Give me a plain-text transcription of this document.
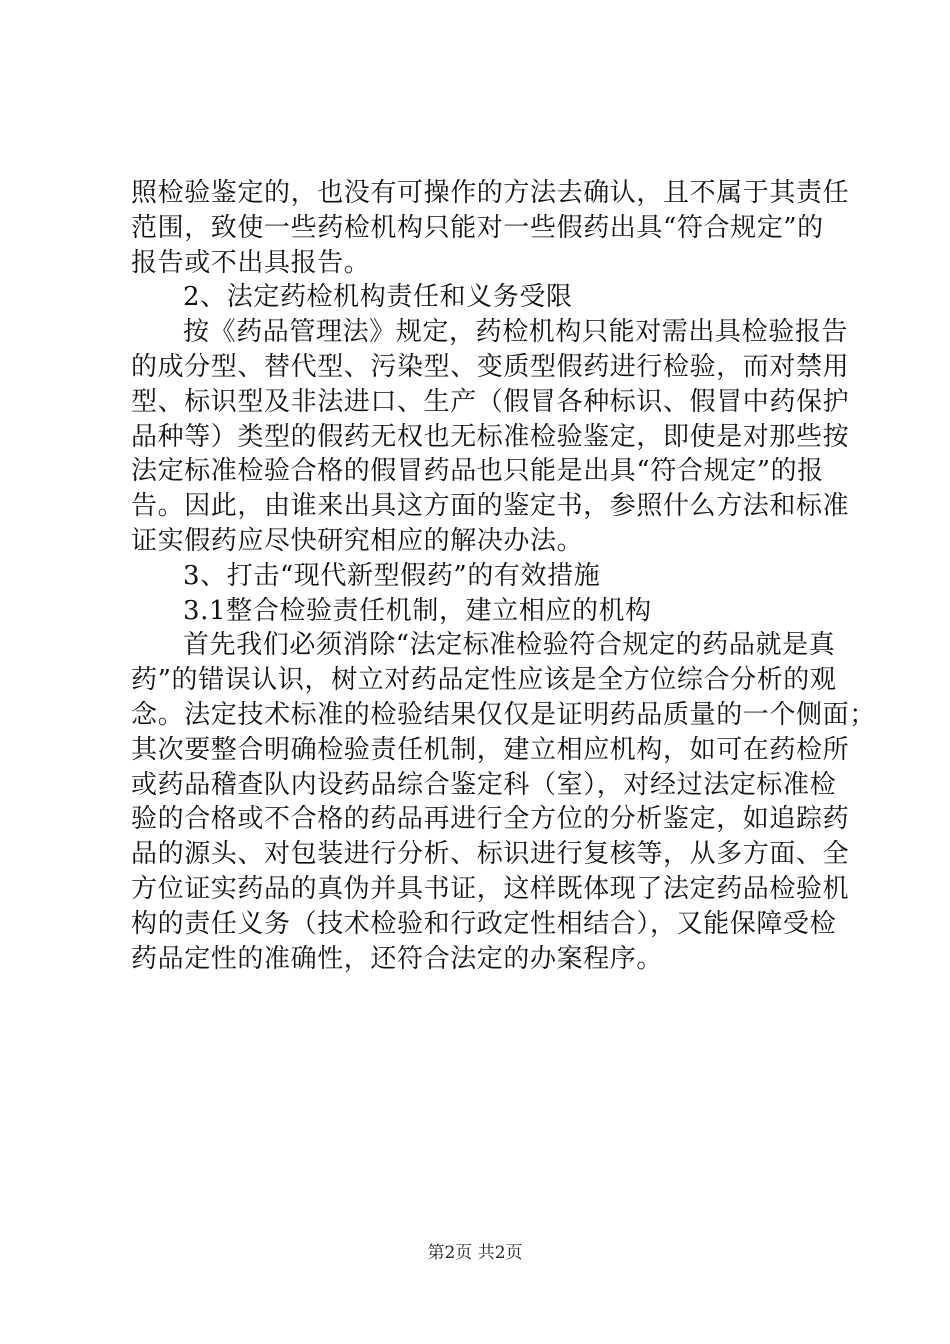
照检验鉴定的，也没有可操作的方法去确认，且不属于其责任
范围，致使一些药检机构只能对一些假药出具“符合规定”的
报告或不出具报告。
2、法定药检机构责任和义务受限
按《药品管理法》规定，药检机构只能对需出具检验报告
的成分型、替代型、污染型、变质型假药进行检验，而对禁用
型、标识型及非法进口、生产（假冒各种标识、假冒中药保护
品种等）类型的假药无权也无标准检验鉴定，即使是对那些按
法定标准检验合格的假冒药品也只能是出具“符合规定”的报
告。因此，由谁来出具这方面的鉴定书，参照什么方法和标准
证实假药应尽快研究相应的解决办法。
3、打击“现代新型假药”的有效措施
3.1整合检验责任机制，建立相应的机构
首先我们必须消除“法定标准检验符合规定的药品就是真
药”的错误认识，树立对药品定性应该是全方位综合分析的观
念。法定技术标准的检验结果仅仅是证明药品质量的一个侧面；
其次要整合明确检验责任机制，建立相应机构，如可在药检所
或药品稽查队内设药品综合鉴定科（室），对经过法定标准检
验的合格或不合格的药品再进行全方位的分析鉴定，如追踪药
品的源头、对包装进行分析、标识进行复核等，从多方面、全
方位证实药品的真伪并具书证，这样既体现了法定药品检验机
构的责任义务（技术检验和行政定性相结合），又能保障受检
药品定性的准确性，还符合法定的办案程序。
第2页 共2页
